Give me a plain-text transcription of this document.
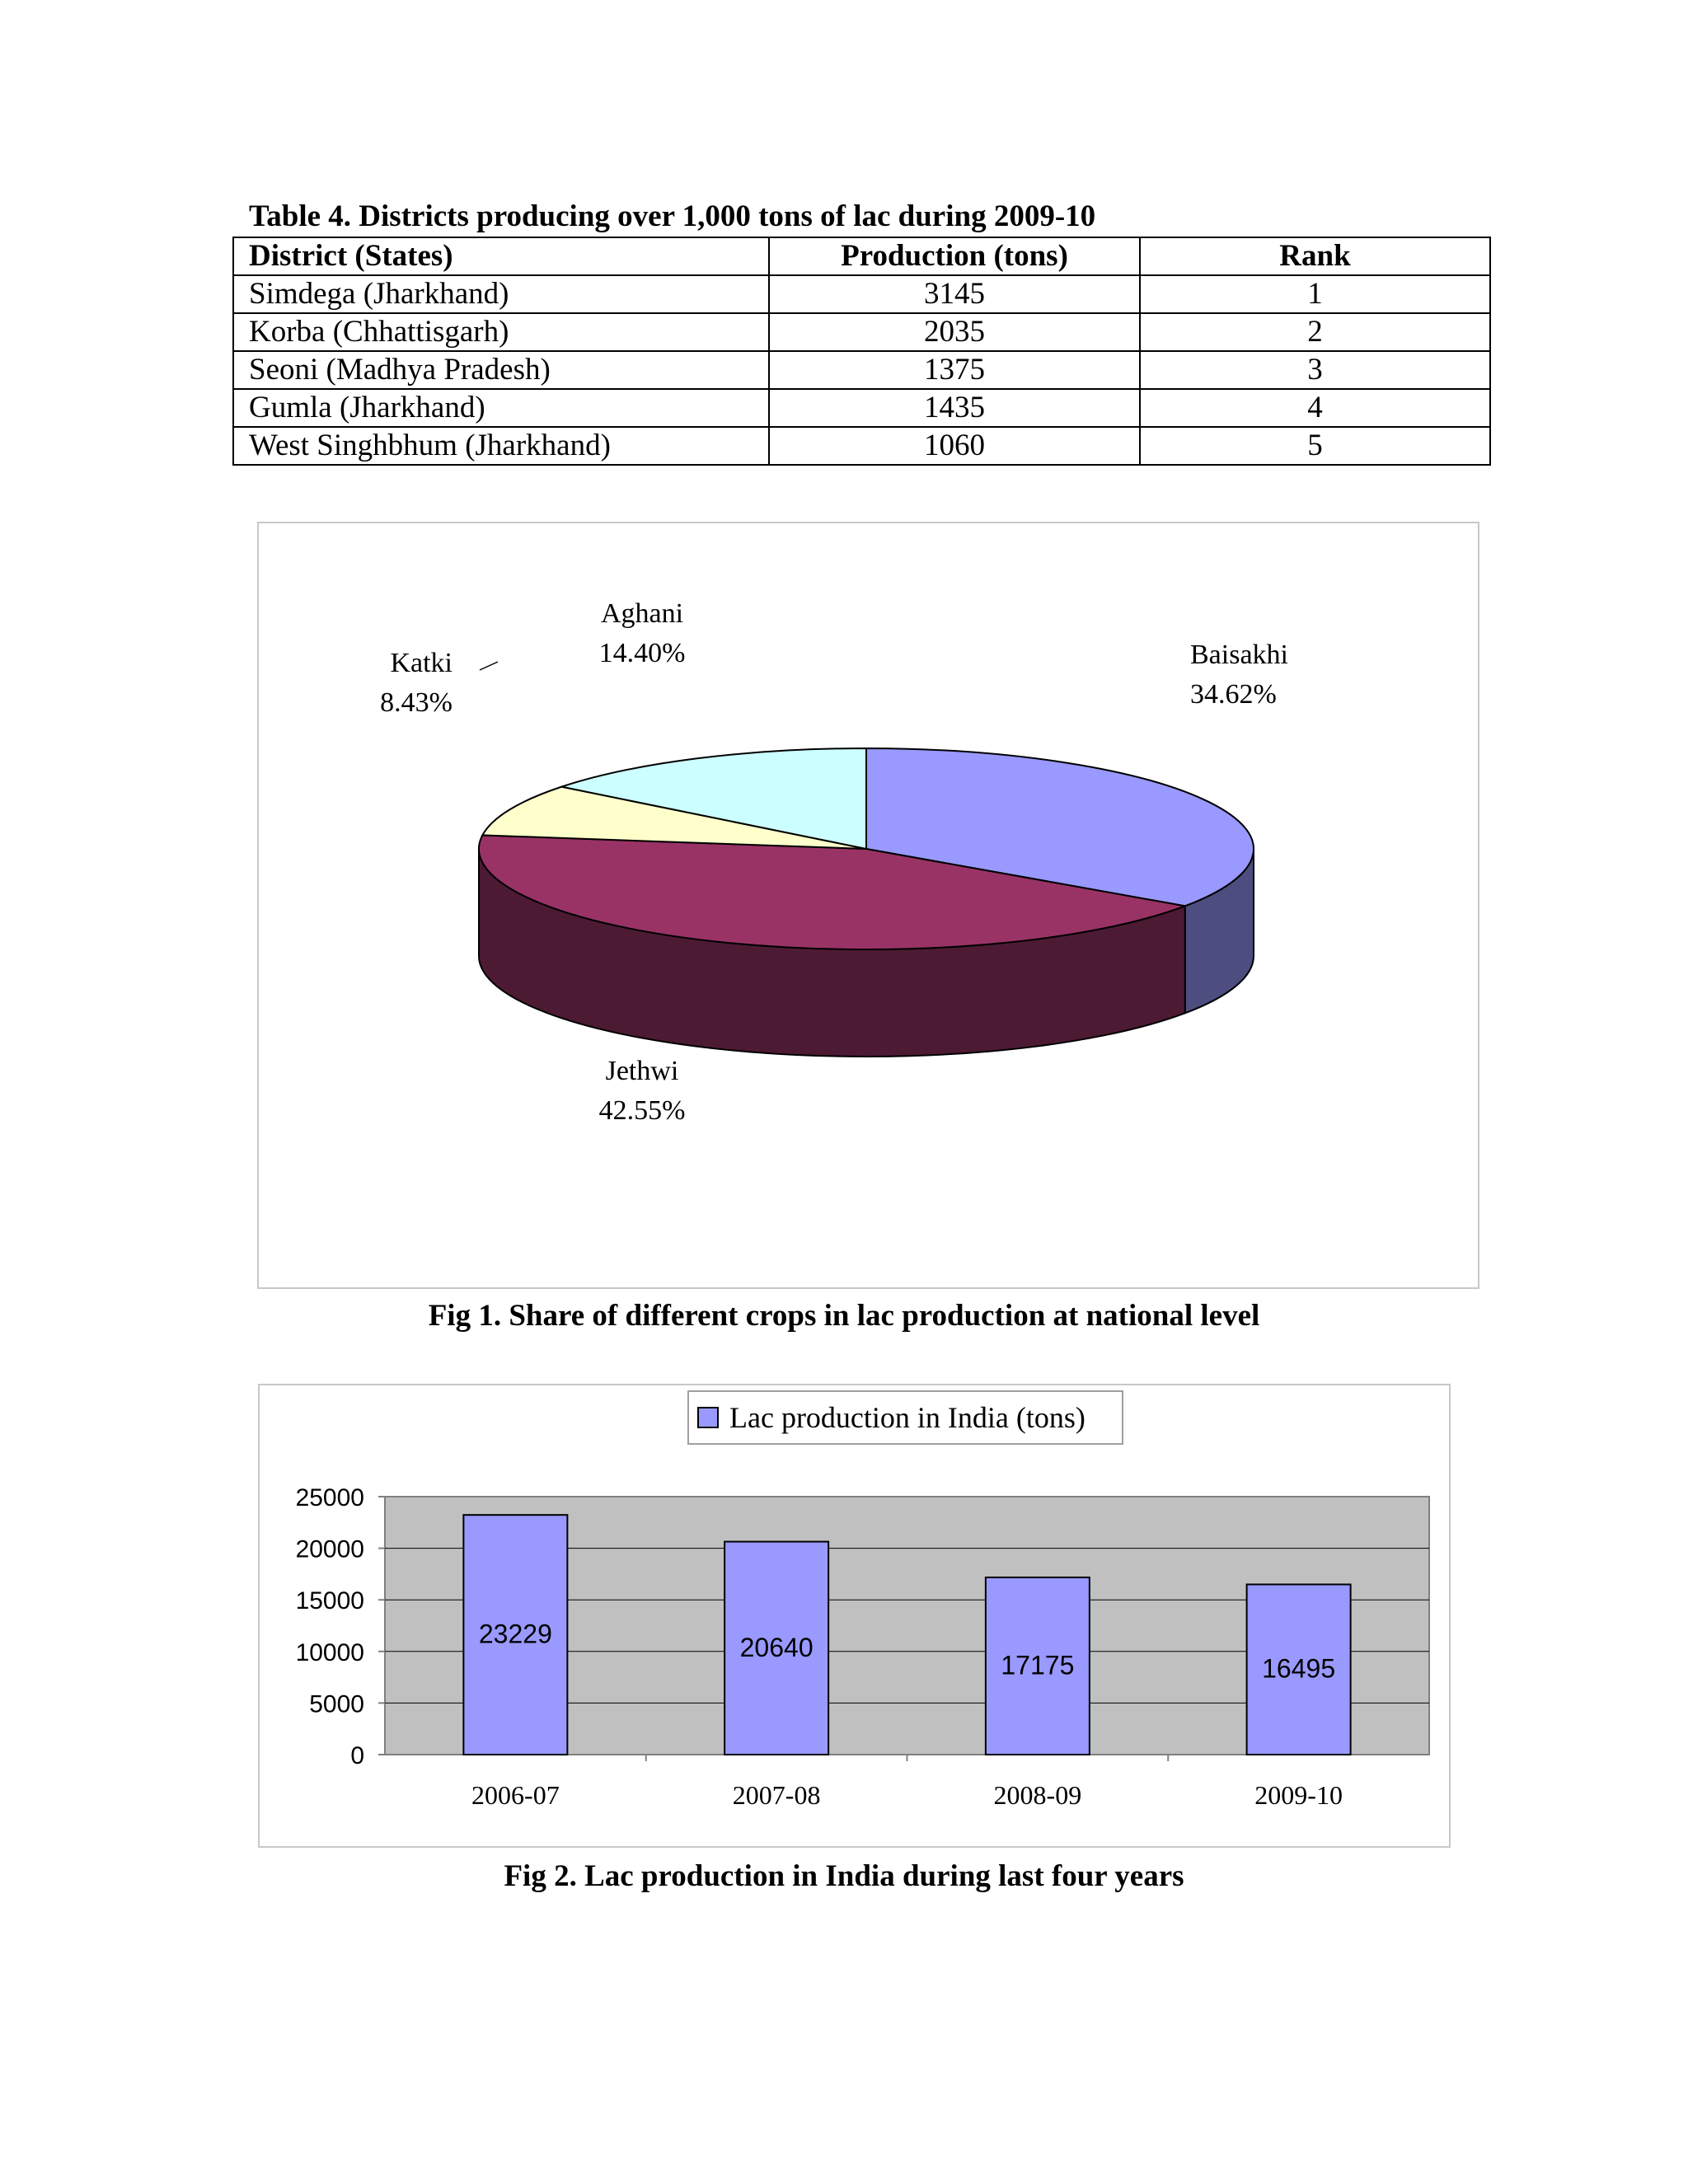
Table 4. Districts producing over 1,000 tons of lac during 2009-10
District (States)	Production (tons)	Rank
Simdega (Jharkhand)	3145	1
Korba (Chhattisgarh)	2035	2
Seoni (Madhya Pradesh)	1375	3
Gumla (Jharkhand)	1435	4
West Singhbhum (Jharkhand)	1060	5
Baisakhi
34.62%
Jethwi
42.55%
Katki
8.43%
Aghani
14.40%
Fig 1. Share of different crops in lac production at national level
Lac production in India (tons)
0
5000
10000
15000
20000
25000
23229
2006-07
20640
2007-08
17175
2008-09
16495
2009-10
Fig 2. Lac production in India during last four years
